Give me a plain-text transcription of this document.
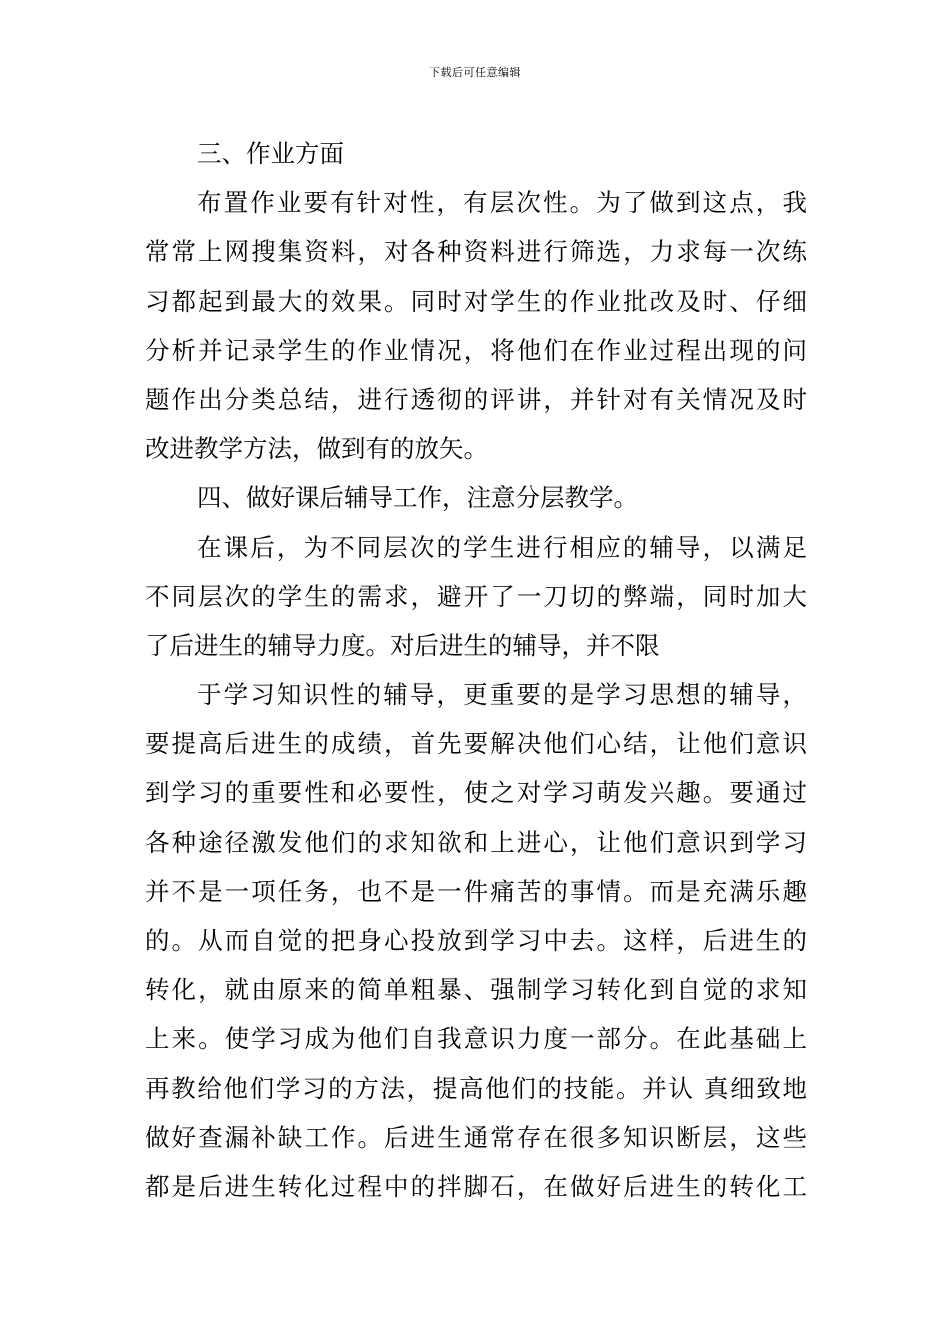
下载后可任意编辑
三、作业方面
布置作业要有针对性，有层次性。为了做到这点，我
常常上网搜集资料，对各种资料进行筛选，力求每一次练
习都起到最大的效果。同时对学生的作业批改及时、仔细
分析并记录学生的作业情况，将他们在作业过程出现的问
题作出分类总结，进行透彻的评讲，并针对有关情况及时
改进教学方法，做到有的放矢。
四、做好课后辅导工作，注意分层教学。
在课后，为不同层次的学生进行相应的辅导，以满足
不同层次的学生的需求，避开了一刀切的弊端，同时加大
了后进生的辅导力度。对后进生的辅导，并不限
于学习知识性的辅导，更重要的是学习思想的辅导，
要提高后进生的成绩，首先要解决他们心结，让他们意识
到学习的重要性和必要性，使之对学习萌发兴趣。要通过
各种途径激发他们的求知欲和上进心，让他们意识到学习
并不是一项任务，也不是一件痛苦的事情。而是充满乐趣
的。从而自觉的把身心投放到学习中去。这样，后进生的
转化，就由原来的简单粗暴、强制学习转化到自觉的求知
上来。使学习成为他们自我意识力度一部分。在此基础上
再教给他们学习的方法，提高他们的技能。并认 真细致地
做好查漏补缺工作。后进生通常存在很多知识断层，这些
都是后进生转化过程中的拌脚石，在做好后进生的转化工
